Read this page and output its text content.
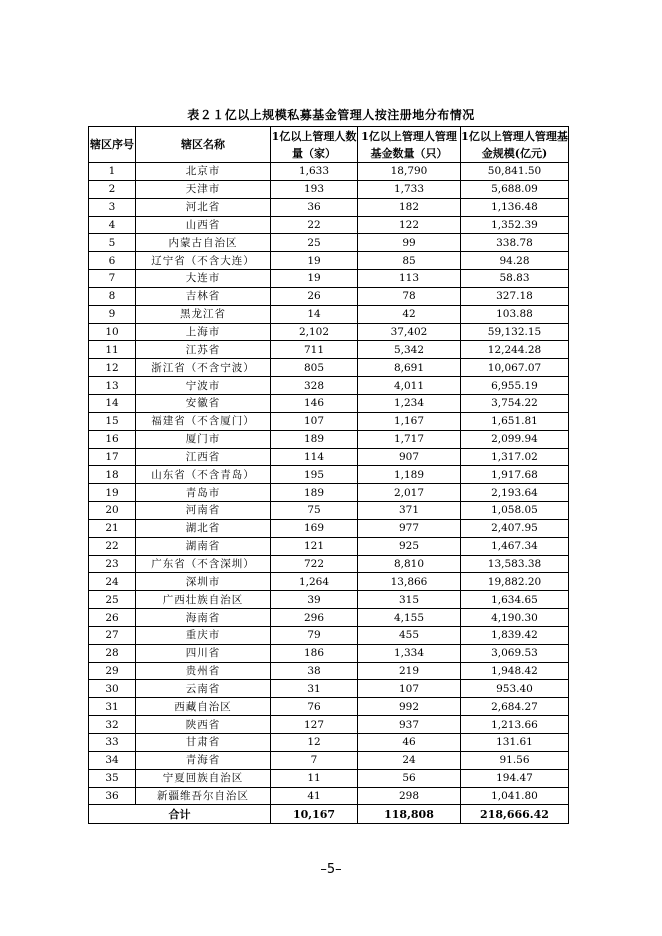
表２１亿以上规模私募基金管理人按注册地分布情况
辖区序号	辖区名称	1亿以上管理人数量（家）	1亿以上管理人管理基金数量（只）	1亿以上管理人管理基金规模(亿元)
1	北京市	1,633	18,790	50,841.50
2	天津市	193	1,733	5,688.09
3	河北省	36	182	1,136.48
4	山西省	22	122	1,352.39
5	内蒙古自治区	25	99	338.78
6	辽宁省（不含大连）	19	85	94.28
7	大连市	19	113	58.83
8	吉林省	26	78	327.18
9	黑龙江省	14	42	103.88
10	上海市	2,102	37,402	59,132.15
11	江苏省	711	5,342	12,244.28
12	浙江省（不含宁波）	805	8,691	10,067.07
13	宁波市	328	4,011	6,955.19
14	安徽省	146	1,234	3,754.22
15	福建省（不含厦门）	107	1,167	1,651.81
16	厦门市	189	1,717	2,099.94
17	江西省	114	907	1,317.02
18	山东省（不含青岛）	195	1,189	1,917.68
19	青岛市	189	2,017	2,193.64
20	河南省	75	371	1,058.05
21	湖北省	169	977	2,407.95
22	湖南省	121	925	1,467.34
23	广东省（不含深圳）	722	8,810	13,583.38
24	深圳市	1,264	13,866	19,882.20
25	广西壮族自治区	39	315	1,634.65
26	海南省	296	4,155	4,190.30
27	重庆市	79	455	1,839.42
28	四川省	186	1,334	3,069.53
29	贵州省	38	219	1,948.42
30	云南省	31	107	953.40
31	西藏自治区	76	992	2,684.27
32	陕西省	127	937	1,213.66
33	甘肃省	12	46	131.61
34	青海省	7	24	91.56
35	宁夏回族自治区	11	56	194.47
36	新疆维吾尔自治区	41	298	1,041.80
合计		10,167	118,808	218,666.42
–5–
